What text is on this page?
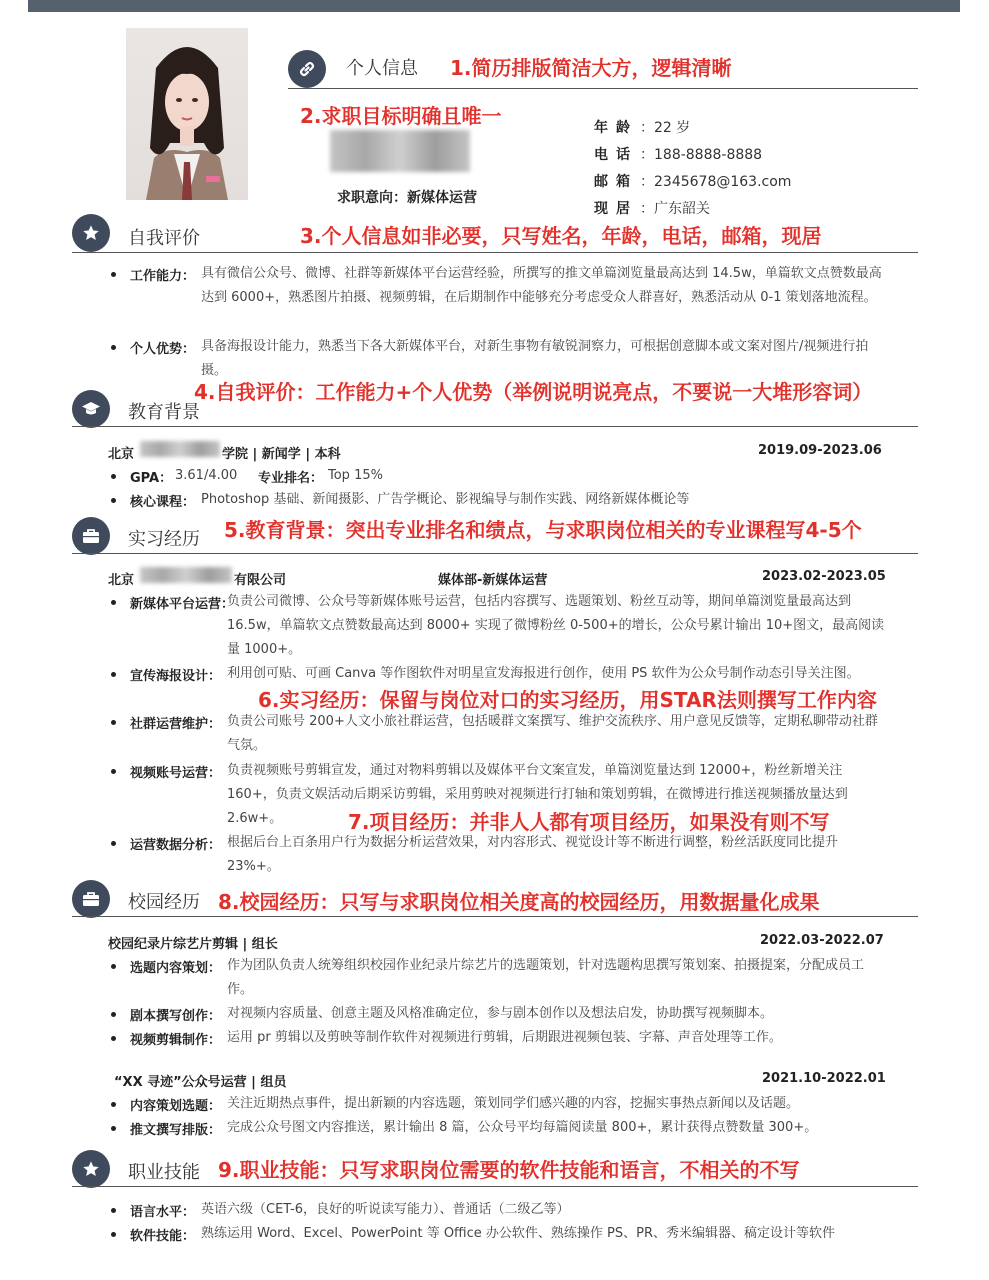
个人信息 1.简历排版简洁大方，逻辑清晰
2.求职目标明确且唯一
求职意向：新媒体运营
年龄 ：22 岁
电话 ：188-8888-8888
邮箱 ：2345678@163.com
现居 ：广东韶关
自我评价	3.个人信息如非必要，只写姓名，年龄，电话，邮箱，现居
工作能力： 具有微信公众号、微博、社群等新媒体平台运营经验，所撰写的推文单篇浏览量最高达到 14.5w，单篇软文点赞数最高达到 6000+，熟悉图片拍摄、视频剪辑，在后期制作中能够充分考虑受众人群喜好，熟悉活动从 0-1 策划落地流程。
个人优势： 具备海报设计能力，熟悉当下各大新媒体平台，对新生事物有敏锐洞察力，可根据创意脚本或文案对图片/视频进行拍摄。
4.自我评价：工作能力+个人优势（举例说明说亮点，不要说一大堆形容词）
教育背景
北京	学院 | 新闻学 | 本科	2019.09-2023.06
GPA： 3.61/4.00 专业排名： Top 15%
核心课程： Photoshop 基础、新闻摄影、广告学概论、影视编导与制作实践、网络新媒体概论等
实习经历 5.教育背景：突出专业排名和绩点，与求职岗位相关的专业课程写4-5个
北京	有限公司	媒体部-新媒体运营	2023.02-2023.05
新媒体平台运营：
负责公司微博、公众号等新媒体账号运营，包括内容撰写、选题策划、粉丝互动等，期间单篇浏览量最高达到16.5w，单篇软文点赞数最高达到 8000+ 实现了微博粉丝 0-500+的增长，公众号累计输出 10+图文，最高阅读量 1000+。
宣传海报设计： 利用创可贴、可画 Canva 等作图软件对明星宣发海报进行创作，使用 PS 软件为公众号制作动态引导关注图。
6.实习经历：保留与岗位对口的实习经历，用STAR法则撰写工作内容
社群运营维护： 负责公司账号 200+人文小旅社群运营，包括暖群文案撰写、维护交流秩序、用户意见反馈等，定期私聊带动社群气氛。
视频账号运营： 负责视频账号剪辑宣发，通过对物料剪辑以及媒体平台文案宣发，单篇浏览量达到 12000+，粉丝新增关注 160+，负责文娱活动后期采访剪辑，采用剪映对视频进行打轴和策划剪辑，在微博进行推送视频播放量达到 2.6w+。	7.项目经历：并非人人都有项目经历，如果没有则不写
运营数据分析： 根据后台上百条用户行为数据分析运营效果，对内容形式、视觉设计等不断进行调整，粉丝活跃度同比提升 23%+。
校园经历 8.校园经历：只写与求职岗位相关度高的校园经历，用数据量化成果
校园纪录片综艺片剪辑 | 组长	2022.03-2022.07
选题内容策划： 作为团队负责人统筹组织校园作业纪录片综艺片的选题策划，针对选题构思撰写策划案、拍摄提案，分配成员工作。
剧本撰写创作： 对视频内容质量、创意主题及风格准确定位，参与剧本创作以及想法启发，协助撰写视频脚本。
视频剪辑制作： 运用 pr 剪辑以及剪映等制作软件对视频进行剪辑，后期跟进视频包装、字幕、声音处理等工作。
“XX 寻迹”公众号运营 | 组员	2021.10-2022.01
内容策划选题： 关注近期热点事件，提出新颖的内容选题，策划同学们感兴趣的内容，挖掘实事热点新闻以及话题。
推文撰写排版： 完成公众号图文内容推送，累计输出 8 篇，公众号平均每篇阅读量 800+，累计获得点赞数量 300+。
职业技能 9.职业技能：只写求职岗位需要的软件技能和语言，不相关的不写
语言水平： 英语六级（CET-6，良好的听说读写能力）、普通话（二级乙等）
软件技能： 熟练运用 Word、Excel、PowerPoint 等 Office 办公软件、熟练操作 PS、PR、秀米编辑器、稿定设计等软件
